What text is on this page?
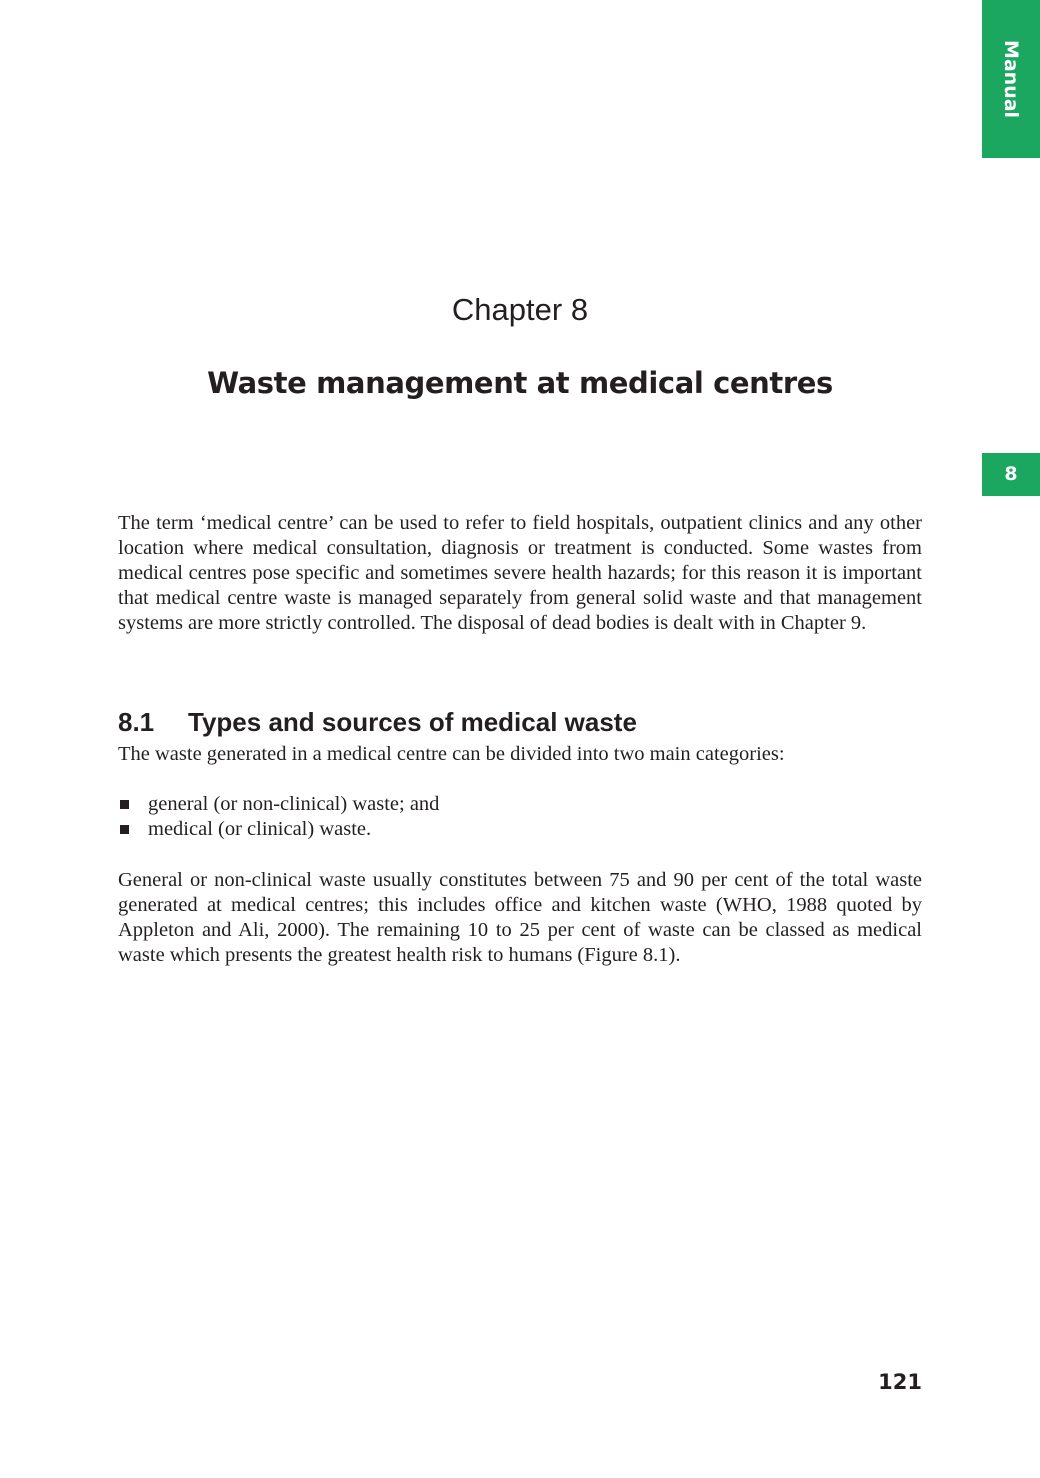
Manual
8
Chapter 8
Waste management at medical centres

The term ‘medical centre’ can be used to refer to field hospitals, outpatient clinics and any other location where medical consultation, diagnosis or treatment is conducted. Some wastes from medical centres pose specific and sometimes severe health hazards; for this reason it is important that medical centre waste is managed separately from general solid waste and that management systems are more strictly controlled. The disposal of dead bodies is dealt with in Chapter 9.

8.1 Types and sources of medical waste

The waste generated in a medical centre can be divided into two main categories:

general (or non-clinical) waste; and
medical (or clinical) waste.

General or non-clinical waste usually constitutes between 75 and 90 per cent of the total waste generated at medical centres; this includes office and kitchen waste (WHO, 1988 quoted by Appleton and Ali, 2000). The remaining 10 to 25 per cent of waste can be classed as medical waste which presents the greatest health risk to humans (Figure 8.1).

121
